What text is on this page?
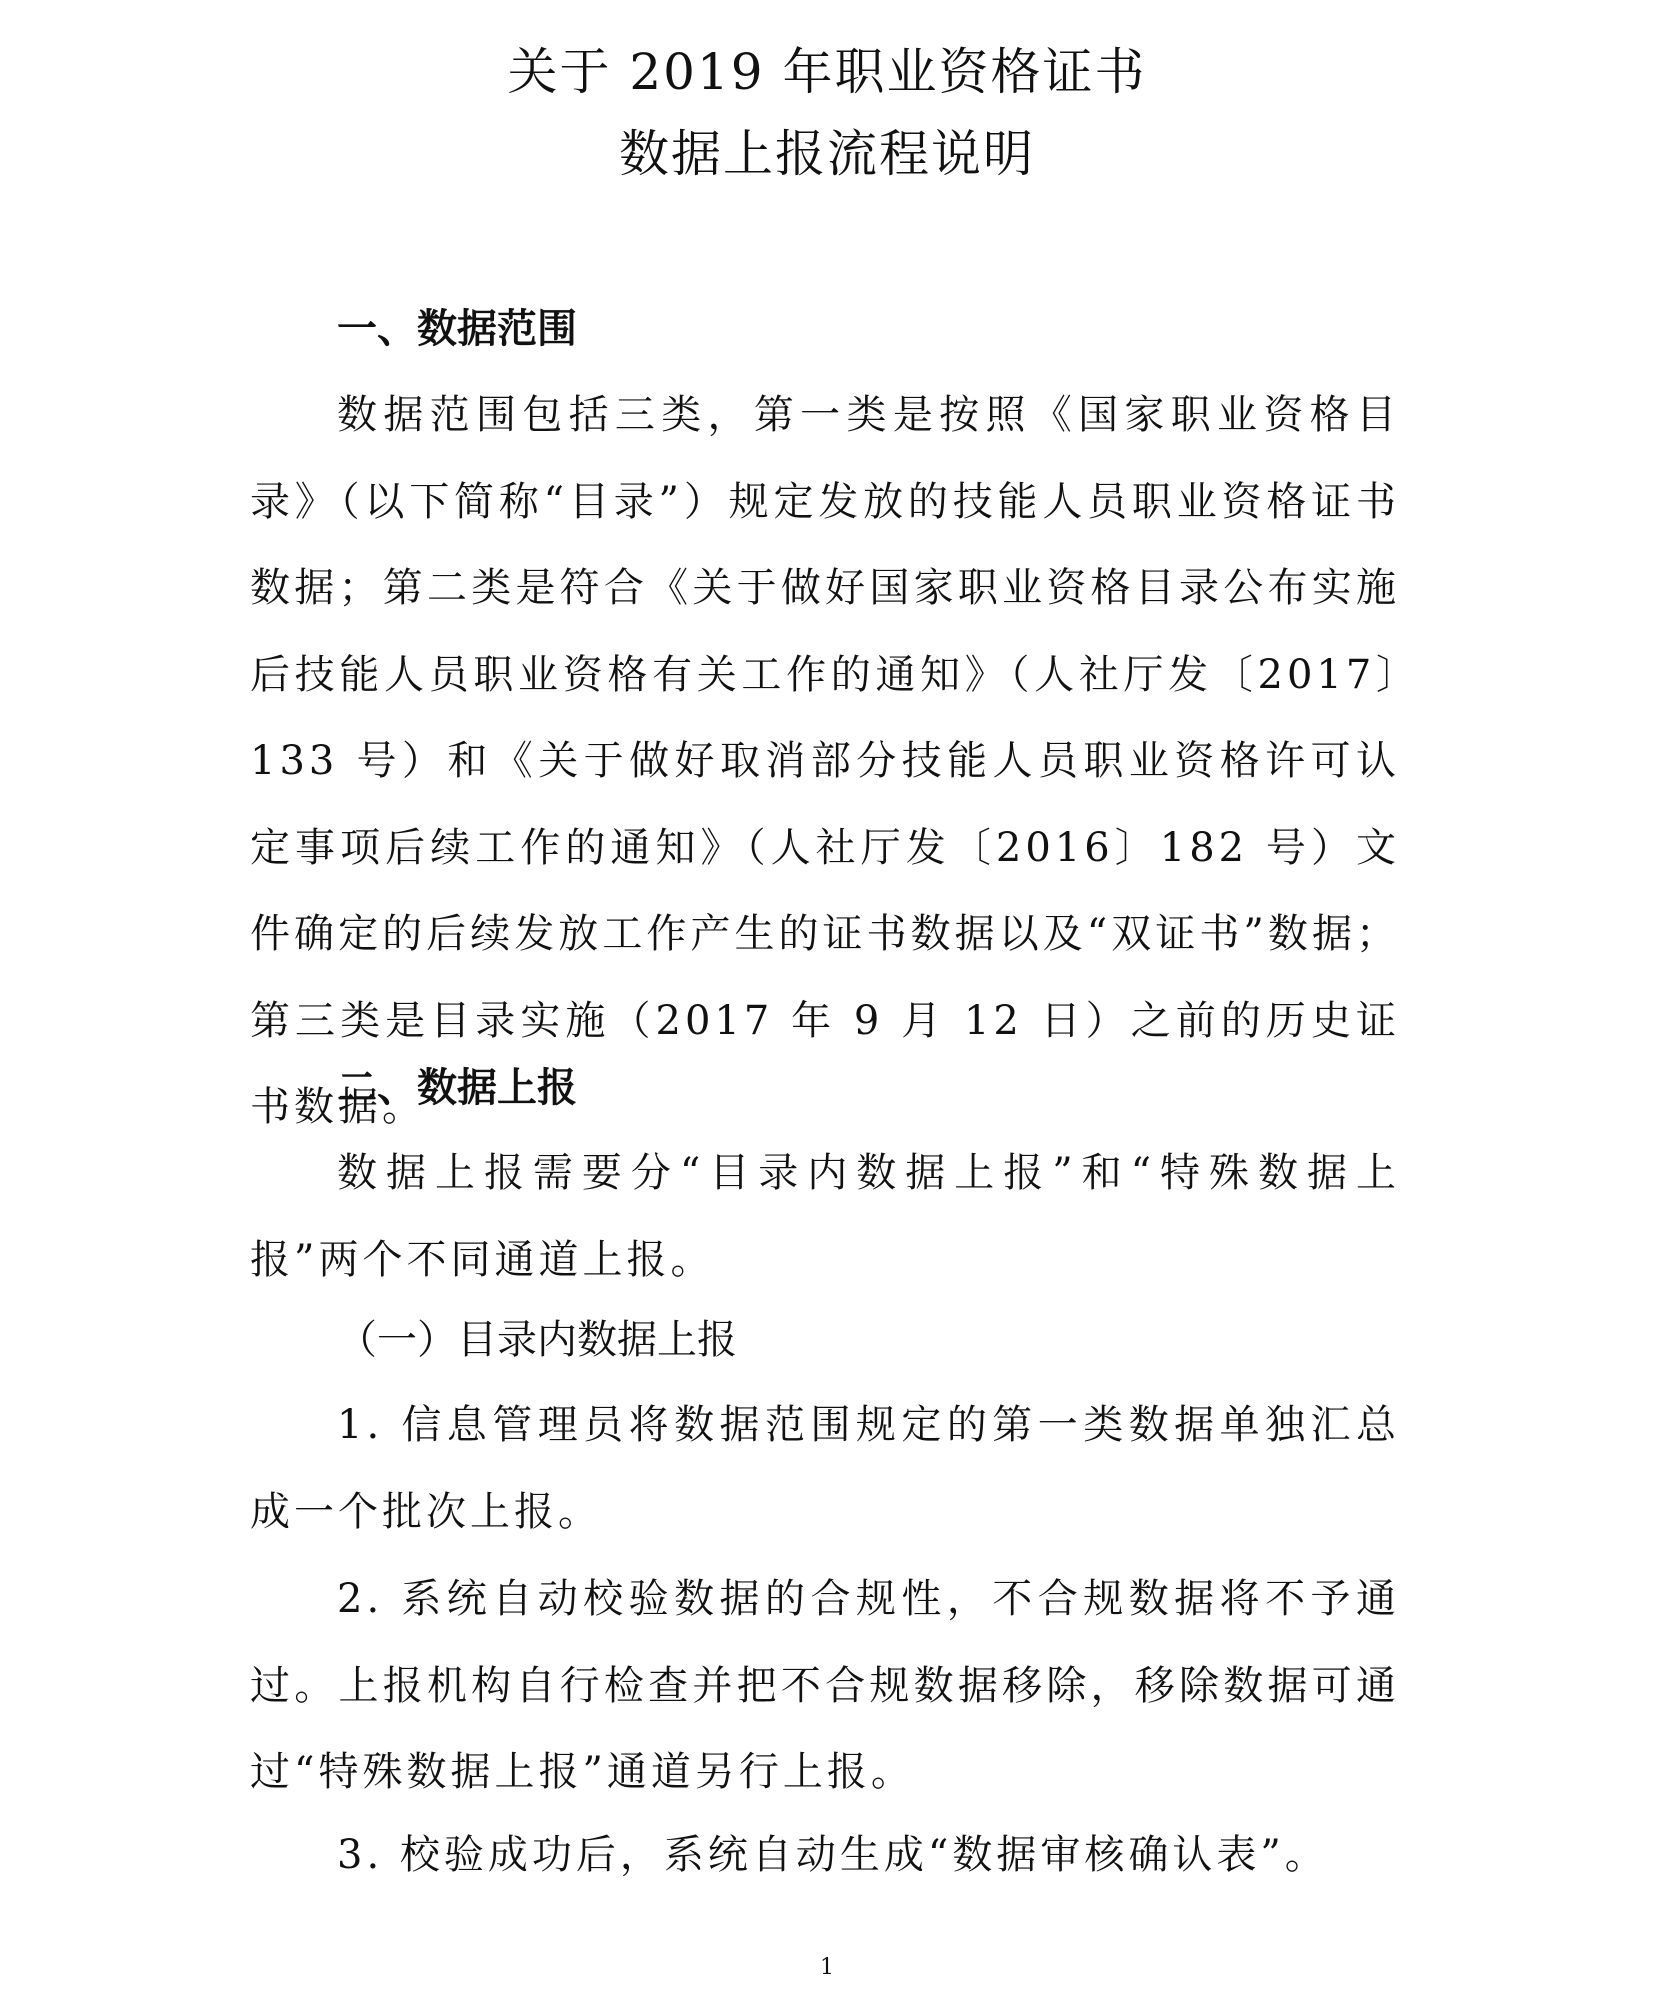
关于 2019 年职业资格证书
数据上报流程说明
一、数据范围
数据范围包括三类，第一类是按照《国家职业资格目录》（以下简称“目录”）规定发放的技能人员职业资格证书数据；第二类是符合《关于做好国家职业资格目录公布实施后技能人员职业资格有关工作的通知》（人社厅发〔2017〕133 号）和《关于做好取消部分技能人员职业资格许可认定事项后续工作的通知》（人社厅发〔2016〕182 号）文件确定的后续发放工作产生的证书数据以及“双证书”数据；第三类是目录实施（2017 年 9 月 12 日）之前的历史证书数据。
二、数据上报
数据上报需要分“目录内数据上报”和“特殊数据上报”两个不同通道上报。
（一）目录内数据上报
1. 信息管理员将数据范围规定的第一类数据单独汇总成一个批次上报。
2. 系统自动校验数据的合规性，不合规数据将不予通过。上报机构自行检查并把不合规数据移除，移除数据可通过“特殊数据上报”通道另行上报。
3. 校验成功后，系统自动生成“数据审核确认表”。
1
